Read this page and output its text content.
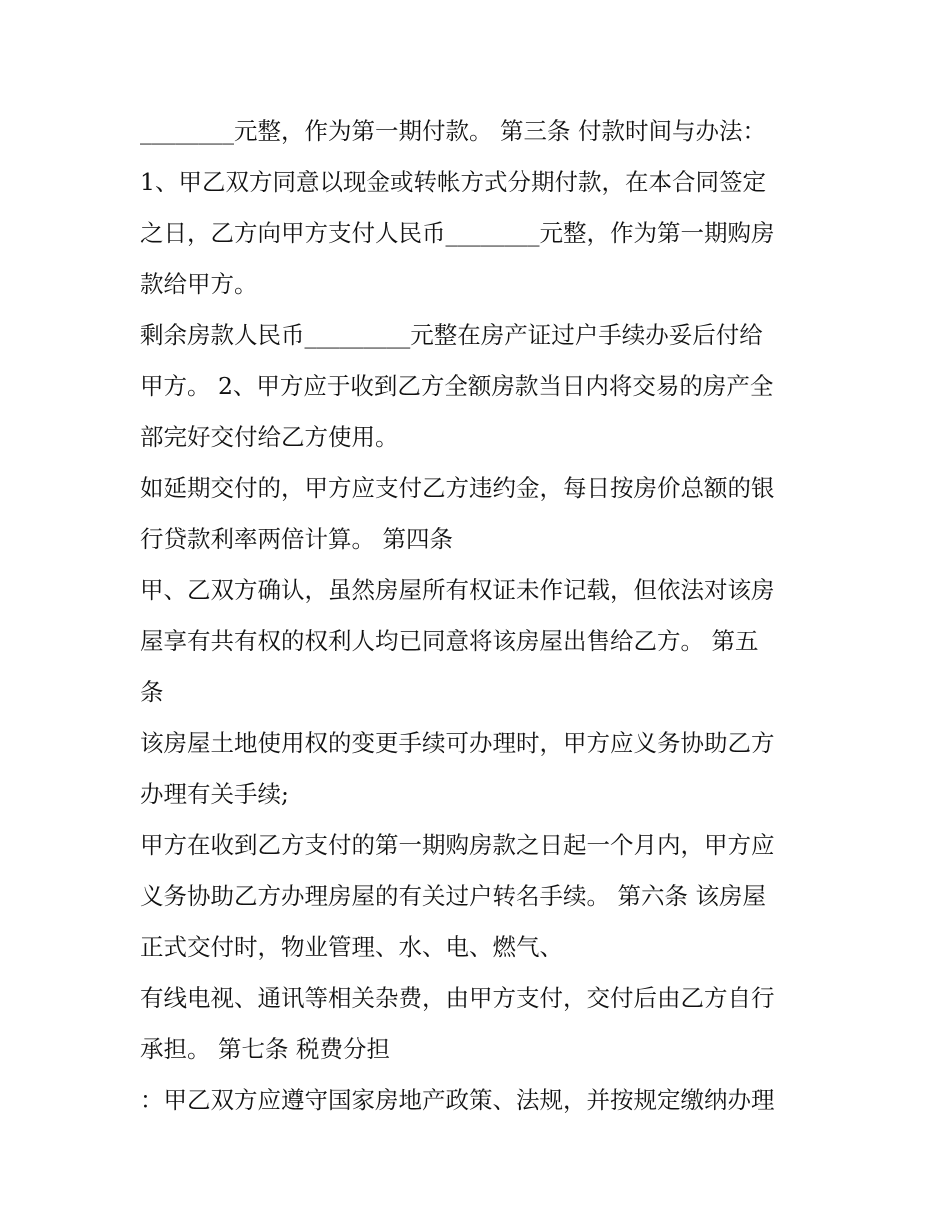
________元整，作为第一期付款。 第三条 付款时间与办法：
1、甲乙双方同意以现金或转帐方式分期付款，在本合同签定
之日，乙方向甲方支付人民币________元整，作为第一期购房
款给甲方。
剩余房款人民币_________元整在房产证过户手续办妥后付给
甲方。 2、甲方应于收到乙方全额房款当日内将交易的房产全
部完好交付给乙方使用。
如延期交付的，甲方应支付乙方违约金，每日按房价总额的银
行贷款利率两倍计算。 第四条
甲、乙双方确认，虽然房屋所有权证未作记载，但依法对该房
屋享有共有权的权利人均已同意将该房屋出售给乙方。 第五
条
该房屋土地使用权的变更手续可办理时，甲方应义务协助乙方
办理有关手续;
甲方在收到乙方支付的第一期购房款之日起一个月内，甲方应
义务协助乙方办理房屋的有关过户转名手续。 第六条 该房屋
正式交付时，物业管理、水、电、燃气、
有线电视、通讯等相关杂费，由甲方支付，交付后由乙方自行
承担。 第七条 税费分担
：甲乙双方应遵守国家房地产政策、法规，并按规定缴纳办理
